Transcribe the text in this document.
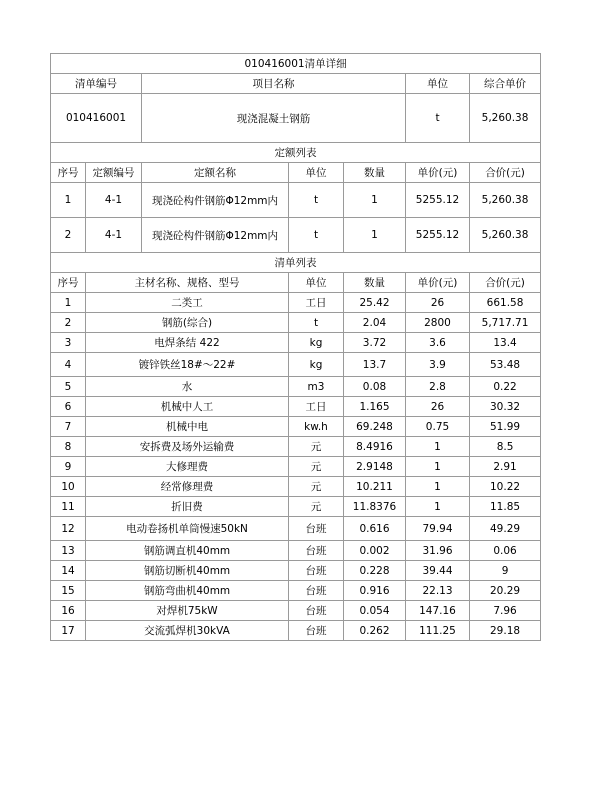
010416001清单详细						
清单编号		项目名称			单位	综合单价
010416001		现浇混凝土钢筋			t	5,260.38
定额列表						
序号	定额编号	定额名称	单位	数量	单价(元)	合价(元)
1	4-1	现浇砼构件钢筋Φ12mm内	t	1	5255.12	5,260.38
2	4-1	现浇砼构件钢筋Φ12mm内	t	1	5255.12	5,260.38
清单列表						
序号	主材名称、规格、型号		单位	数量	单价(元)	合价(元)
1	二类工		工日	25.42	26	661.58
2	钢筋(综合)		t	2.04	2800	5,717.71
3	电焊条结 422		kg	3.72	3.6	13.4
4	镀锌铁丝18#～22#		kg	13.7	3.9	53.48
5	水		m3	0.08	2.8	0.22
6	机械中人工		工日	1.165	26	30.32
7	机械中电		kw.h	69.248	0.75	51.99
8	安拆费及场外运输费		元	8.4916	1	8.5
9	大修理费		元	2.9148	1	2.91
10	经常修理费		元	10.211	1	10.22
11	折旧费		元	11.8376	1	11.85
12	电动卷扬机单筒慢速50kN		台班	0.616	79.94	49.29
13	钢筋调直机40mm		台班	0.002	31.96	0.06
14	钢筋切断机40mm		台班	0.228	39.44	9
15	钢筋弯曲机40mm		台班	0.916	22.13	20.29
16	对焊机75kW		台班	0.054	147.16	7.96
17	交流弧焊机30kVA		台班	0.262	111.25	29.18
